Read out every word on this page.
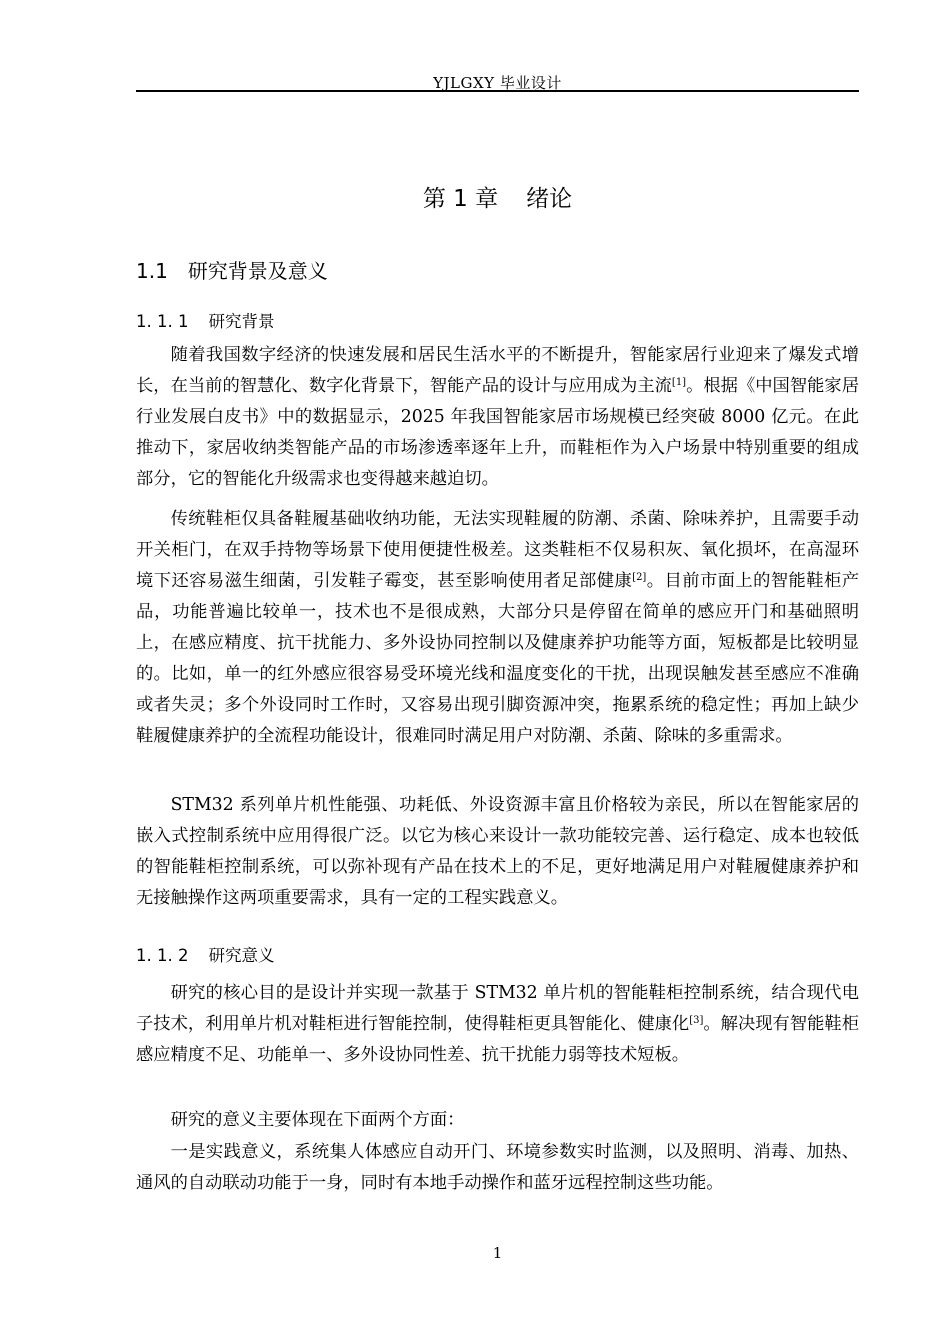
YJLGXY 毕业设计
第 1 章 绪论
1.1 研究背景及意义
1. 1. 1 研究背景

随着我国数字经济的快速发展和居民生活水平的不断提升，智能家居行业迎来了爆发式增长，在当前的智慧化、数字化背景下，智能产品的设计与应用成为主流[1]。根据《中国智能家居行业发展白皮书》中的数据显示，2025 年我国智能家居市场规模已经突破 8000 亿元。在此推动下，家居收纳类智能产品的市场渗透率逐年上升，而鞋柜作为入户场景中特别重要的组成部分，它的智能化升级需求也变得越来越迫切。

传统鞋柜仅具备鞋履基础收纳功能，无法实现鞋履的防潮、杀菌、除味养护，且需要手动开关柜门，在双手持物等场景下使用便捷性极差。这类鞋柜不仅易积灰、氧化损坏，在高湿环境下还容易滋生细菌，引发鞋子霉变，甚至影响使用者足部健康[2]。目前市面上的智能鞋柜产品，功能普遍比较单一，技术也不是很成熟，大部分只是停留在简单的感应开门和基础照明上，在感应精度、抗干扰能力、多外设协同控制以及健康养护功能等方面，短板都是比较明显的。比如，单一的红外感应很容易受环境光线和温度变化的干扰，出现误触发甚至感应不准确或者失灵；多个外设同时工作时，又容易出现引脚资源冲突，拖累系统的稳定性；再加上缺少鞋履健康养护的全流程功能设计，很难同时满足用户对防潮、杀菌、除味的多重需求。

STM32 系列单片机性能强、功耗低、外设资源丰富且价格较为亲民，所以在智能家居的嵌入式控制系统中应用得很广泛。以它为核心来设计一款功能较完善、运行稳定、成本也较低的智能鞋柜控制系统，可以弥补现有产品在技术上的不足，更好地满足用户对鞋履健康养护和无接触操作这两项重要需求，具有一定的工程实践意义。

1. 1. 2 研究意义

研究的核心目的是设计并实现一款基于 STM32 单片机的智能鞋柜控制系统，结合现代电子技术，利用单片机对鞋柜进行智能控制，使得鞋柜更具智能化、健康化[3]。解决现有智能鞋柜感应精度不足、功能单一、多外设协同性差、抗干扰能力弱等技术短板。

研究的意义主要体现在下面两个方面：

一是实践意义，系统集人体感应自动开门、环境参数实时监测，以及照明、消毒、加热、通风的自动联动功能于一身，同时有本地手动操作和蓝牙远程控制这些功能。

1
